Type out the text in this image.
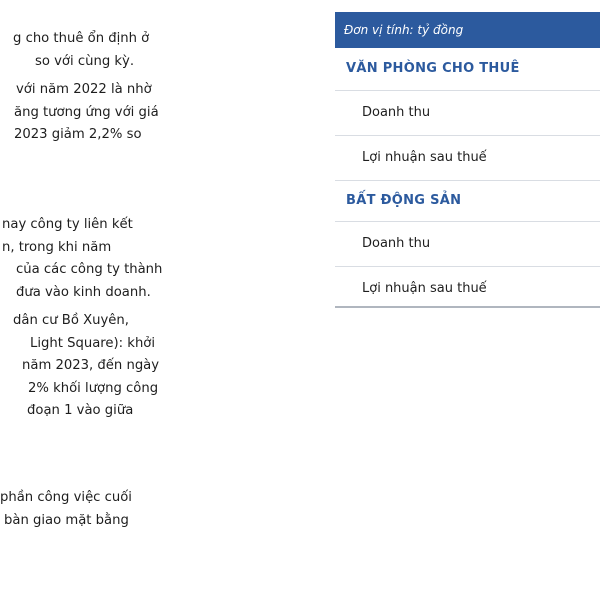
g cho thuê ổn định ở
so với cùng kỳ.
với năm 2022 là nhờ
ăng tương ứng với giá
2023 giảm 2,2% so
nay công ty liên kết
n, trong khi năm
của các công ty thành
đưa vào kinh doanh.
dân cư Bồ Xuyên,
Light Square): khởi
năm 2023, đến ngày
2% khối lượng công
đoạn 1 vào giữa
phần công việc cuối
bàn giao mặt bằng
Đơn vị tính: tỷ đồng
VĂN PHÒNG CHO THUÊ
Doanh thu
Lợi nhuận sau thuế
BẤT ĐỘNG SẢN
Doanh thu
Lợi nhuận sau thuế
